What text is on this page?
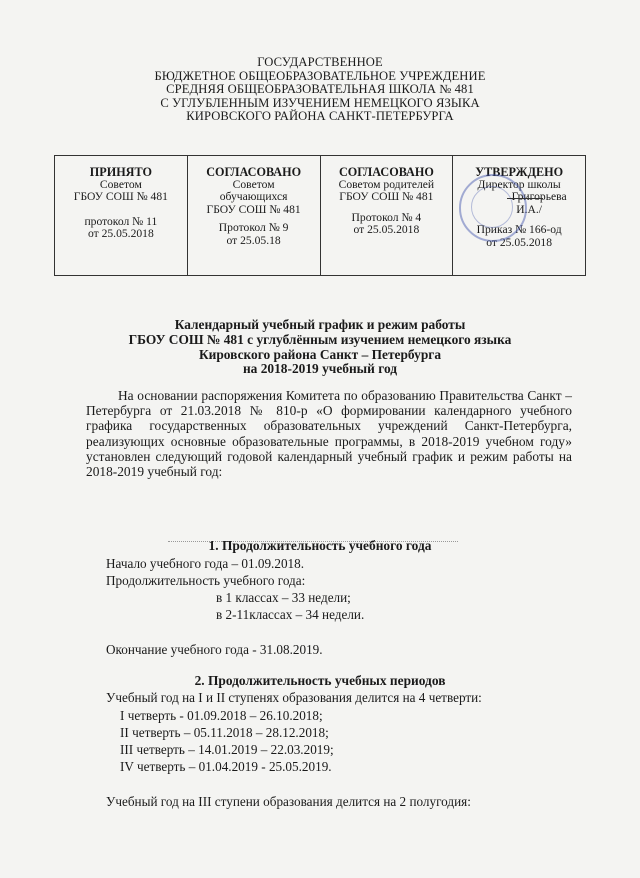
ГОСУДАРСТВЕННОЕ
БЮДЖЕТНОЕ ОБЩЕОБРАЗОВАТЕЛЬНОЕ УЧРЕЖДЕНИЕ
СРЕДНЯЯ ОБЩЕОБРАЗОВАТЕЛЬНАЯ ШКОЛА № 481
С УГЛУБЛЕННЫМ ИЗУЧЕНИЕМ НЕМЕЦКОГО ЯЗЫКА
КИРОВСКОГО РАЙОНА САНКТ-ПЕТЕРБУРГА
ПРИНЯТО
Советом
ГБОУ СОШ № 481
протокол № 11
от 25.05.2018

СОГЛАСОВАНО
Советом
обучающихся
ГБОУ СОШ № 481
Протокол № 9
от 25.05.18

СОГЛАСОВАНО
Советом родителей
ГБОУ СОШ № 481
Протокол № 4
от 25.05.2018

УТВЕРЖДЕНО
Директор школы
Григорьева
И.А./
Приказ № 166-од
от 25.05.2018
Календарный учебный график и режим работы
ГБОУ СОШ № 481 с углублённым изучением немецкого языка
Кировского района Санкт – Петербурга
на 2018-2019 учебный год
На основании распоряжения Комитета по образованию Правительства Санкт – Петербурга от 21.03.2018 № 810-р «О формировании календарного учебного графика государственных образовательных учреждений Санкт-Петербурга, реализующих основные образовательные программы, в 2018-2019 учебном году» установлен следующий годовой календарный учебный график и режим работы на 2018-2019 учебный год:
1. Продолжительность учебного года
Начало учебного года – 01.09.2018.
Продолжительность учебного года:
в 1 классах – 33 недели;
в 2-11классах – 34 недели.
Окончание учебного года - 31.08.2019.
2. Продолжительность учебных периодов
Учебный год на I и II ступенях образования делится на 4 четверти:
I четверть - 01.09.2018 – 26.10.2018;
II четверть – 05.11.2018 – 28.12.2018;
III четверть – 14.01.2019 – 22.03.2019;
IV четверть – 01.04.2019 - 25.05.2019.
Учебный год на III ступени образования делится на 2 полугодия:
